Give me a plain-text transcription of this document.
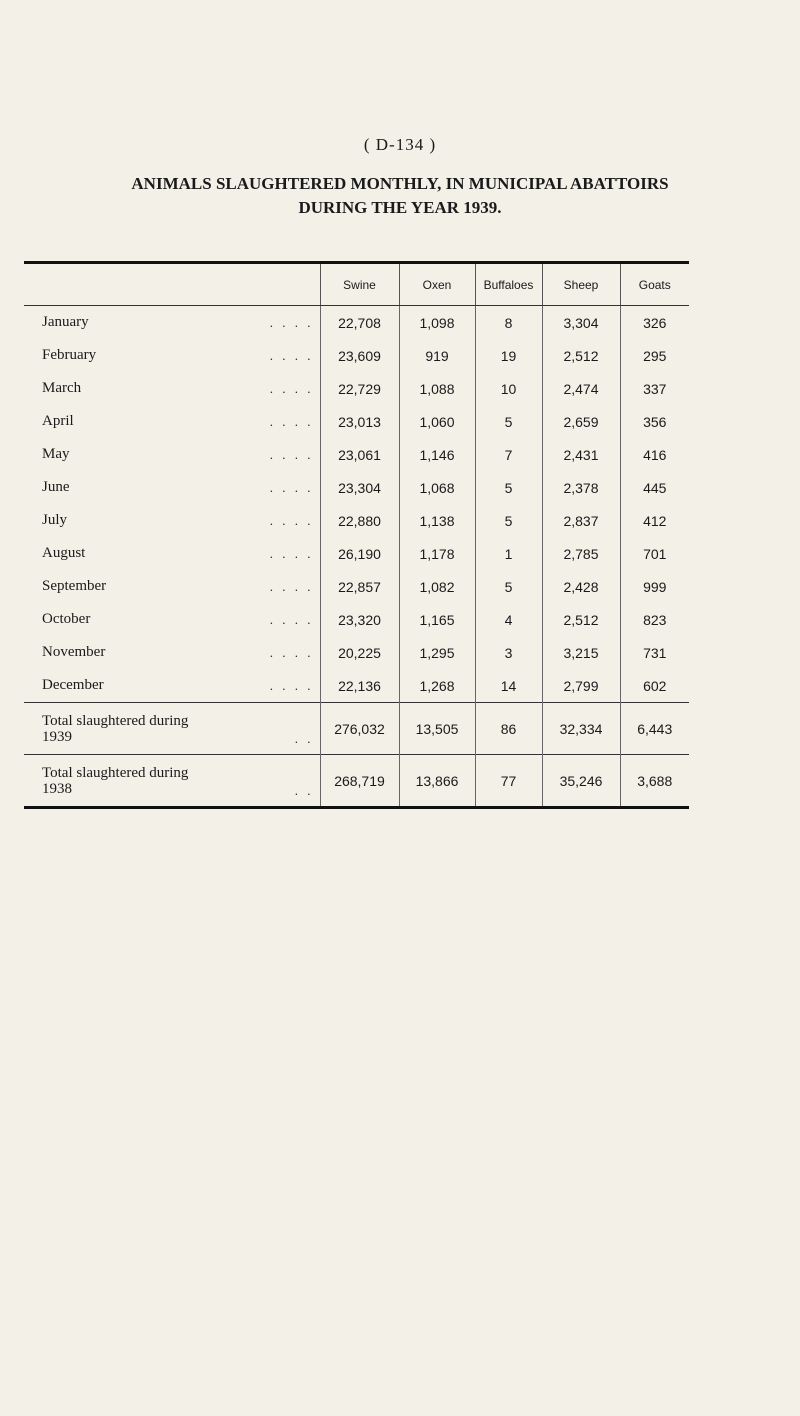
( D-134 )
ANIMALS SLAUGHTERED MONTHLY, IN MUNICIPAL ABATTOIRS
DURING THE YEAR 1939.
	Swine	Oxen	Buffaloes	Sheep	Goats
January . . . .	22,708	1,098	8	3,304	326
February . . . .	23,609	919	19	2,512	295
March . . . .	22,729	1,088	10	2,474	337
April . . . .	23,013	1,060	5	2,659	356
May . . . .	23,061	1,146	7	2,431	416
June . . . .	23,304	1,068	5	2,378	445
July . . . .	22,880	1,138	5	2,837	412
August . . . .	26,190	1,178	1	2,785	701
September . . . .	22,857	1,082	5	2,428	999
October . . . .	23,320	1,165	4	2,512	823
November . . . .	20,225	1,295	3	3,215	731
December . . . .	22,136	1,268	14	2,799	602

Total slaughtered during
1939 . .	276,032	13,505	86	32,334	6,443

Total slaughtered during
1938 . .	268,719	13,866	77	35,246	3,688
